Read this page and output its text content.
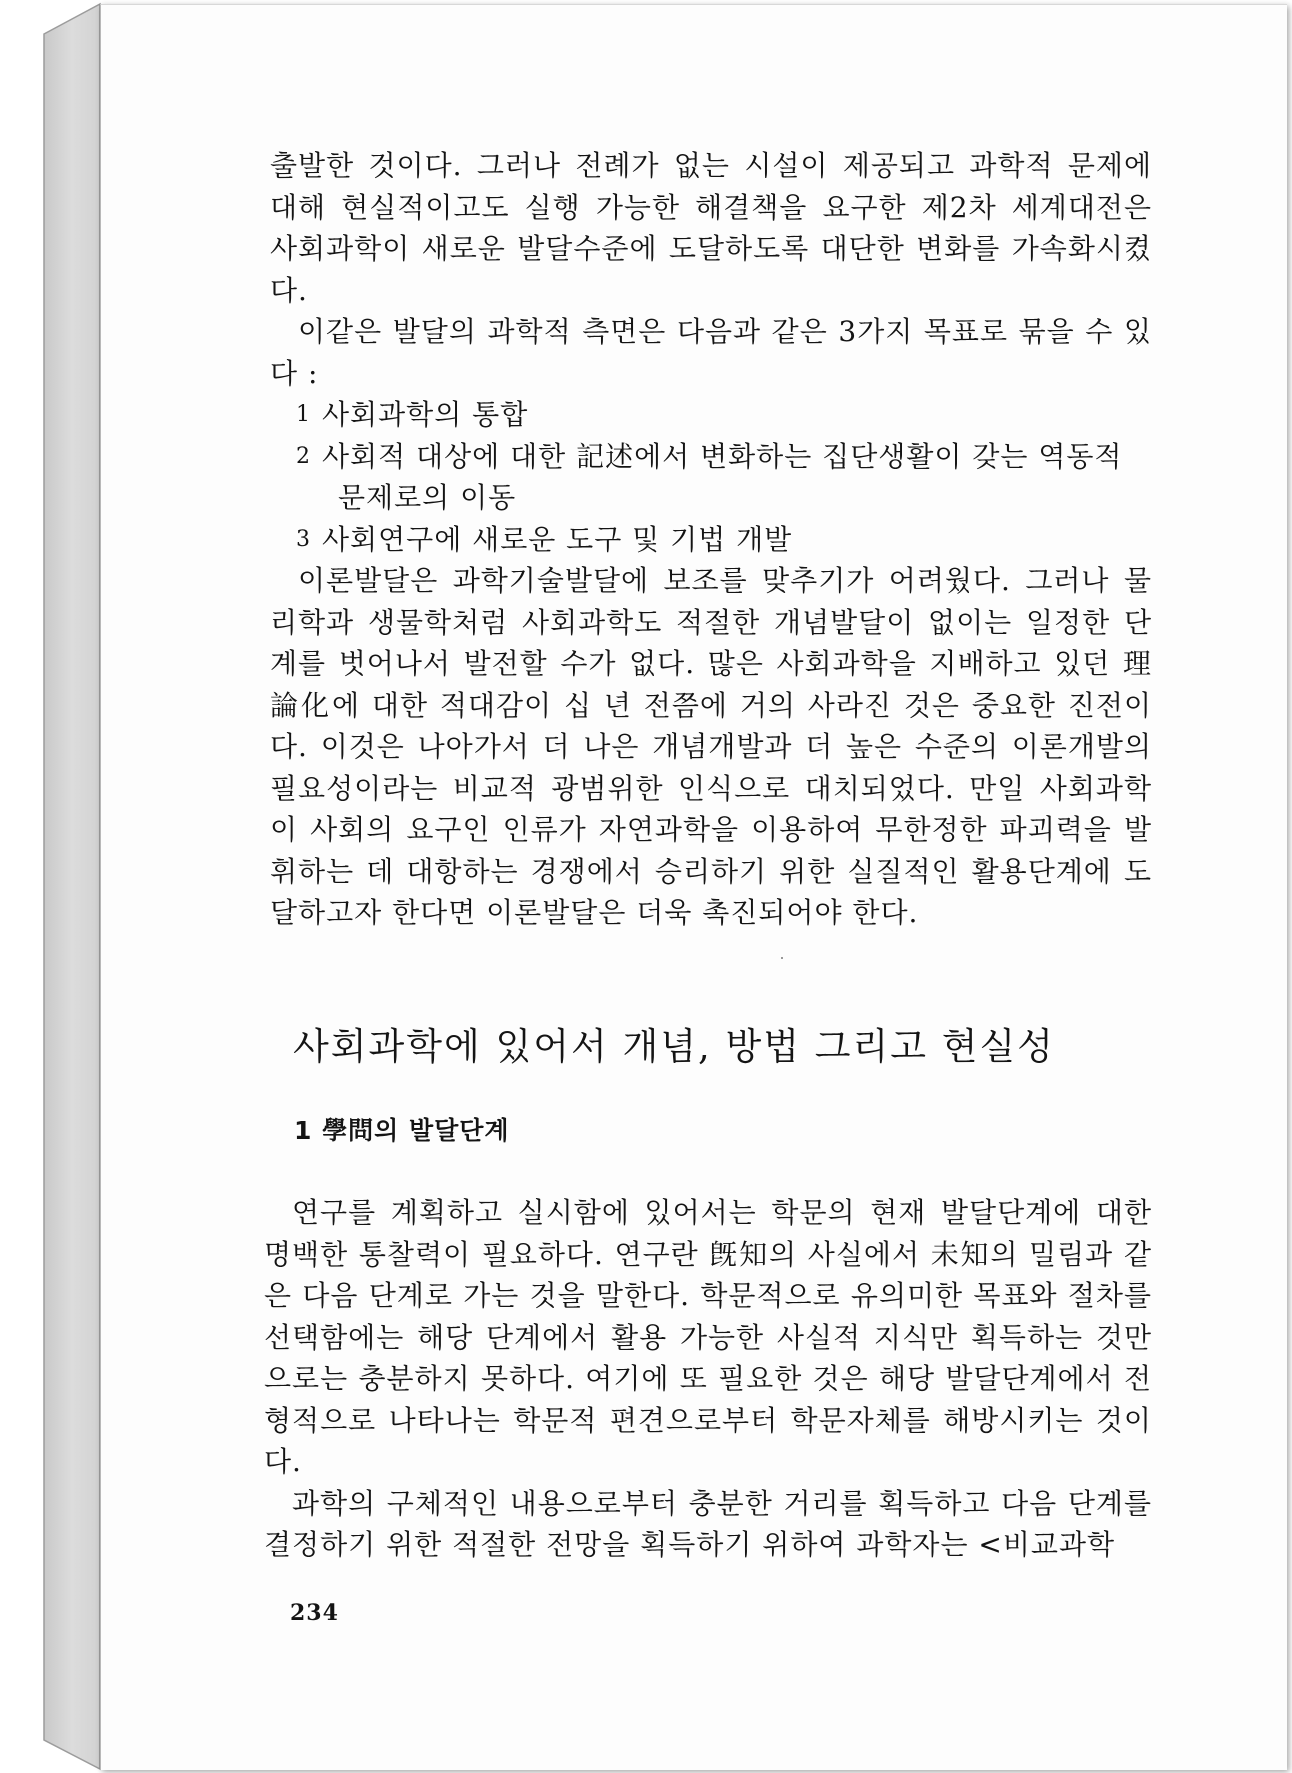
출발한 것이다. 그러나 전례가 없는 시설이 제공되고 과학적 문제에 대해 현실적이고도 실행 가능한 해결책을 요구한 제2차 세계대전은 사회과학이 새로운 발달수준에 도달하도록 대단한 변화를 가속화시켰다.

이같은 발달의 과학적 측면은 다음과 같은 3가지 목표로 묶을 수 있다 :

1 사회과학의 통합
2 사회적 대상에 대한 記述에서 변화하는 집단생활이 갖는 역동적
문제로의 이동
3 사회연구에 새로운 도구 및 기법 개발

이론발달은 과학기술발달에 보조를 맞추기가 어려웠다. 그러나 물리학과 생물학처럼 사회과학도 적절한 개념발달이 없이는 일정한 단계를 벗어나서 발전할 수가 없다. 많은 사회과학을 지배하고 있던 理論化에 대한 적대감이 십 년 전쯤에 거의 사라진 것은 중요한 진전이다. 이것은 나아가서 더 나은 개념개발과 더 높은 수준의 이론개발의 필요성이라는 비교적 광범위한 인식으로 대치되었다. 만일 사회과학이 사회의 요구인 인류가 자연과학을 이용하여 무한정한 파괴력을 발휘하는 데 대항하는 경쟁에서 승리하기 위한 실질적인 활용단계에 도달하고자 한다면 이론발달은 더욱 촉진되어야 한다.

사회과학에 있어서 개념, 방법 그리고 현실성
1 學問의 발달단계

연구를 계획하고 실시함에 있어서는 학문의 현재 발달단계에 대한 명백한 통찰력이 필요하다. 연구란 旣知의 사실에서 未知의 밀림과 같은 다음 단계로 가는 것을 말한다. 학문적으로 유의미한 목표와 절차를 선택함에는 해당 단계에서 활용 가능한 사실적 지식만 획득하는 것만으로는 충분하지 못하다. 여기에 또 필요한 것은 해당 발달단계에서 전형적으로 나타나는 학문적 편견으로부터 학문자체를 해방시키는 것이다.

과학의 구체적인 내용으로부터 충분한 거리를 획득하고 다음 단계를 결정하기 위한 적절한 전망을 획득하기 위하여 과학자는 <비교과학

234
